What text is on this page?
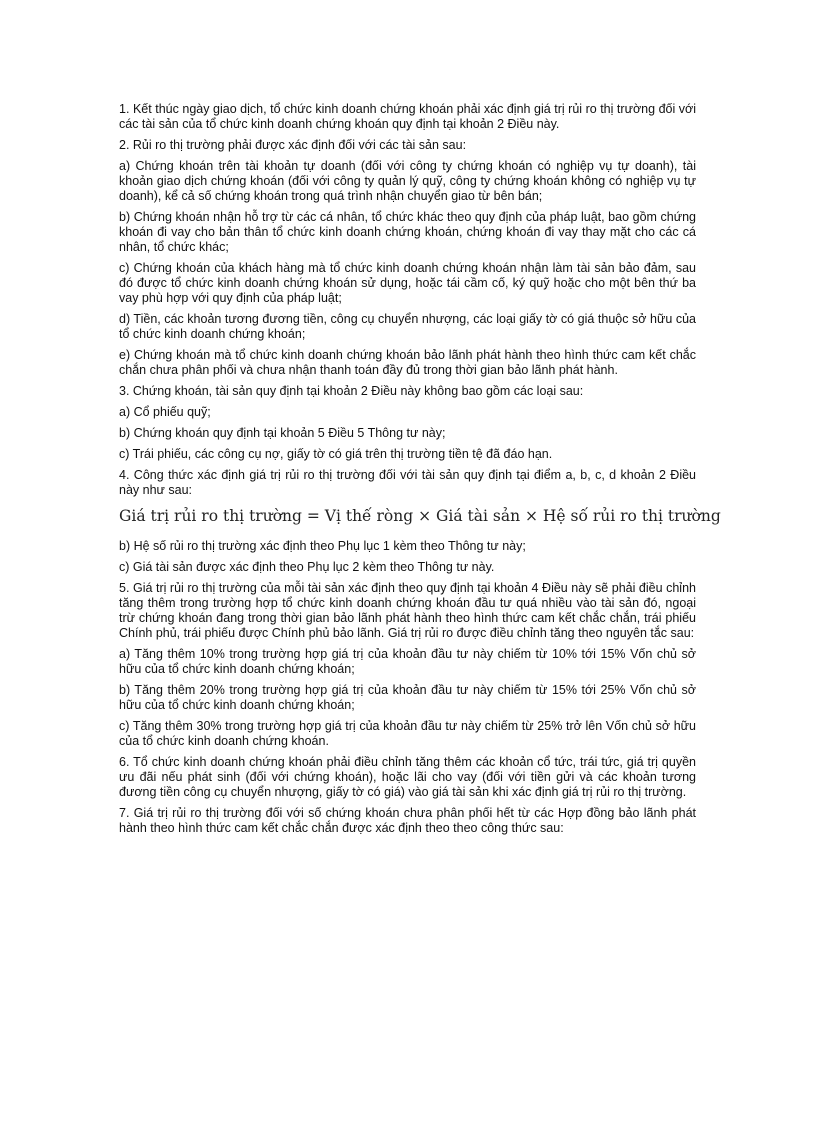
1. Kết thúc ngày giao dịch, tổ chức kinh doanh chứng khoán phải xác định giá trị rủi ro thị trường đối với các tài sản của tổ chức kinh doanh chứng khoán quy định tại khoản 2 Điều này.

2. Rủi ro thị trường phải được xác định đối với các tài sản sau:

a) Chứng khoán trên tài khoản tự doanh (đối với công ty chứng khoán có nghiệp vụ tự doanh), tài khoản giao dịch chứng khoán (đối với công ty quản lý quỹ, công ty chứng khoán không có nghiệp vụ tự doanh), kể cả số chứng khoán trong quá trình nhận chuyển giao từ bên bán;

b) Chứng khoán nhận hỗ trợ từ các cá nhân, tổ chức khác theo quy định của pháp luật, bao gồm chứng khoán đi vay cho bản thân tổ chức kinh doanh chứng khoán, chứng khoán đi vay thay mặt cho các cá nhân, tổ chức khác;

c) Chứng khoán của khách hàng mà tổ chức kinh doanh chứng khoán nhận làm tài sản bảo đảm, sau đó được tổ chức kinh doanh chứng khoán sử dụng, hoặc tái cầm cố, ký quỹ hoặc cho một bên thứ ba vay phù hợp với quy định của pháp luật;

d) Tiền, các khoản tương đương tiền, công cụ chuyển nhượng, các loại giấy tờ có giá thuộc sở hữu của tổ chức kinh doanh chứng khoán;

e) Chứng khoán mà tổ chức kinh doanh chứng khoán bảo lãnh phát hành theo hình thức cam kết chắc chắn chưa phân phối và chưa nhận thanh toán đầy đủ trong thời gian bảo lãnh phát hành.

3. Chứng khoán, tài sản quy định tại khoản 2 Điều này không bao gồm các loại sau:

a) Cổ phiếu quỹ;

b) Chứng khoán quy định tại khoản 5 Điều 5 Thông tư này;

c) Trái phiếu, các công cụ nợ, giấy tờ có giá trên thị trường tiền tệ đã đáo hạn.

4. Công thức xác định giá trị rủi ro thị trường đối với tài sản quy định tại điểm a, b, c, d khoản 2 Điều này như sau:

Giá trị rủi ro thị trường = Vị thế ròng × Giá tài sản × Hệ số rủi ro thị trường

b) Hệ số rủi ro thị trường xác định theo Phụ lục 1 kèm theo Thông tư này;

c) Giá tài sản được xác định theo Phụ lục 2 kèm theo Thông tư này.

5. Giá trị rủi ro thị trường của mỗi tài sản xác định theo quy định tại khoản 4 Điều này sẽ phải điều chỉnh tăng thêm trong trường hợp tổ chức kinh doanh chứng khoán đầu tư quá nhiều vào tài sản đó, ngoại trừ chứng khoán đang trong thời gian bảo lãnh phát hành theo hình thức cam kết chắc chắn, trái phiếu Chính phủ, trái phiếu được Chính phủ bảo lãnh. Giá trị rủi ro được điều chỉnh tăng theo nguyên tắc sau:

a) Tăng thêm 10% trong trường hợp giá trị của khoản đầu tư này chiếm từ 10% tới 15% Vốn chủ sở hữu của tổ chức kinh doanh chứng khoán;

b) Tăng thêm 20% trong trường hợp giá trị của khoản đầu tư này chiếm từ 15% tới 25% Vốn chủ sở hữu của tổ chức kinh doanh chứng khoán;

c) Tăng thêm 30% trong trường hợp giá trị của khoản đầu tư này chiếm từ 25% trở lên Vốn chủ sở hữu của tổ chức kinh doanh chứng khoán.

6. Tổ chức kinh doanh chứng khoán phải điều chỉnh tăng thêm các khoản cổ tức, trái tức, giá trị quyền ưu đãi nếu phát sinh (đối với chứng khoán), hoặc lãi cho vay (đối với tiền gửi và các khoản tương đương tiền công cụ chuyển nhượng, giấy tờ có giá) vào giá tài sản khi xác định giá trị rủi ro thị trường.

7. Giá trị rủi ro thị trường đối với số chứng khoán chưa phân phối hết từ các Hợp đồng bảo lãnh phát hành theo hình thức cam kết chắc chắn được xác định theo theo công thức sau:
